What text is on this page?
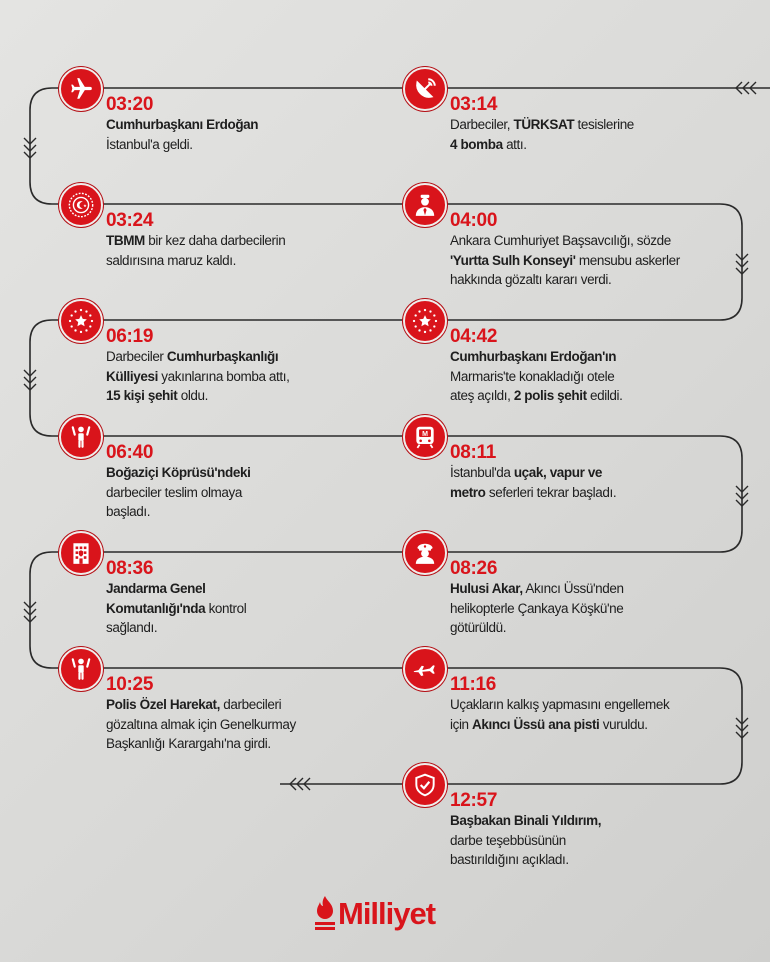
M
03:20
Cumhurbaşkanı Erdoğan
İstanbul'a geldi.
03:14
Darbeciler, TÜRKSAT tesislerine
4 bomba attı.
03:24
TBMM bir kez daha darbecilerin
saldırısına maruz kaldı.
04:00
Ankara Cumhuriyet Başsavcılığı, sözde
'Yurtta Sulh Konseyi' mensubu askerler
hakkında gözaltı kararı verdi.
06:19
Darbeciler Cumhurbaşkanlığı
Külliyesi yakınlarına bomba attı,
15 kişi şehit oldu.
04:42
Cumhurbaşkanı Erdoğan'ın
Marmaris'te konakladığı otele
ateş açıldı, 2 polis şehit edildi.
06:40
Boğaziçi Köprüsü'ndeki
darbeciler teslim olmaya
başladı.
08:11
İstanbul'da uçak, vapur ve
metro seferleri tekrar başladı.
08:36
Jandarma Genel
Komutanlığı'nda kontrol
sağlandı.
08:26
Hulusi Akar, Akıncı Üssü'nden
helikopterle Çankaya Köşkü'ne
götürüldü.
10:25
Polis Özel Harekat, darbecileri
gözaltına almak için Genelkurmay
Başkanlığı Karargahı'na girdi.
11:16
Uçakların kalkış yapmasını engellemek
için Akıncı Üssü ana pisti vuruldu.
12:57
Başbakan Binali Yıldırım,
darbe teşebbüsünün
bastırıldığını açıkladı.
Milliyet
